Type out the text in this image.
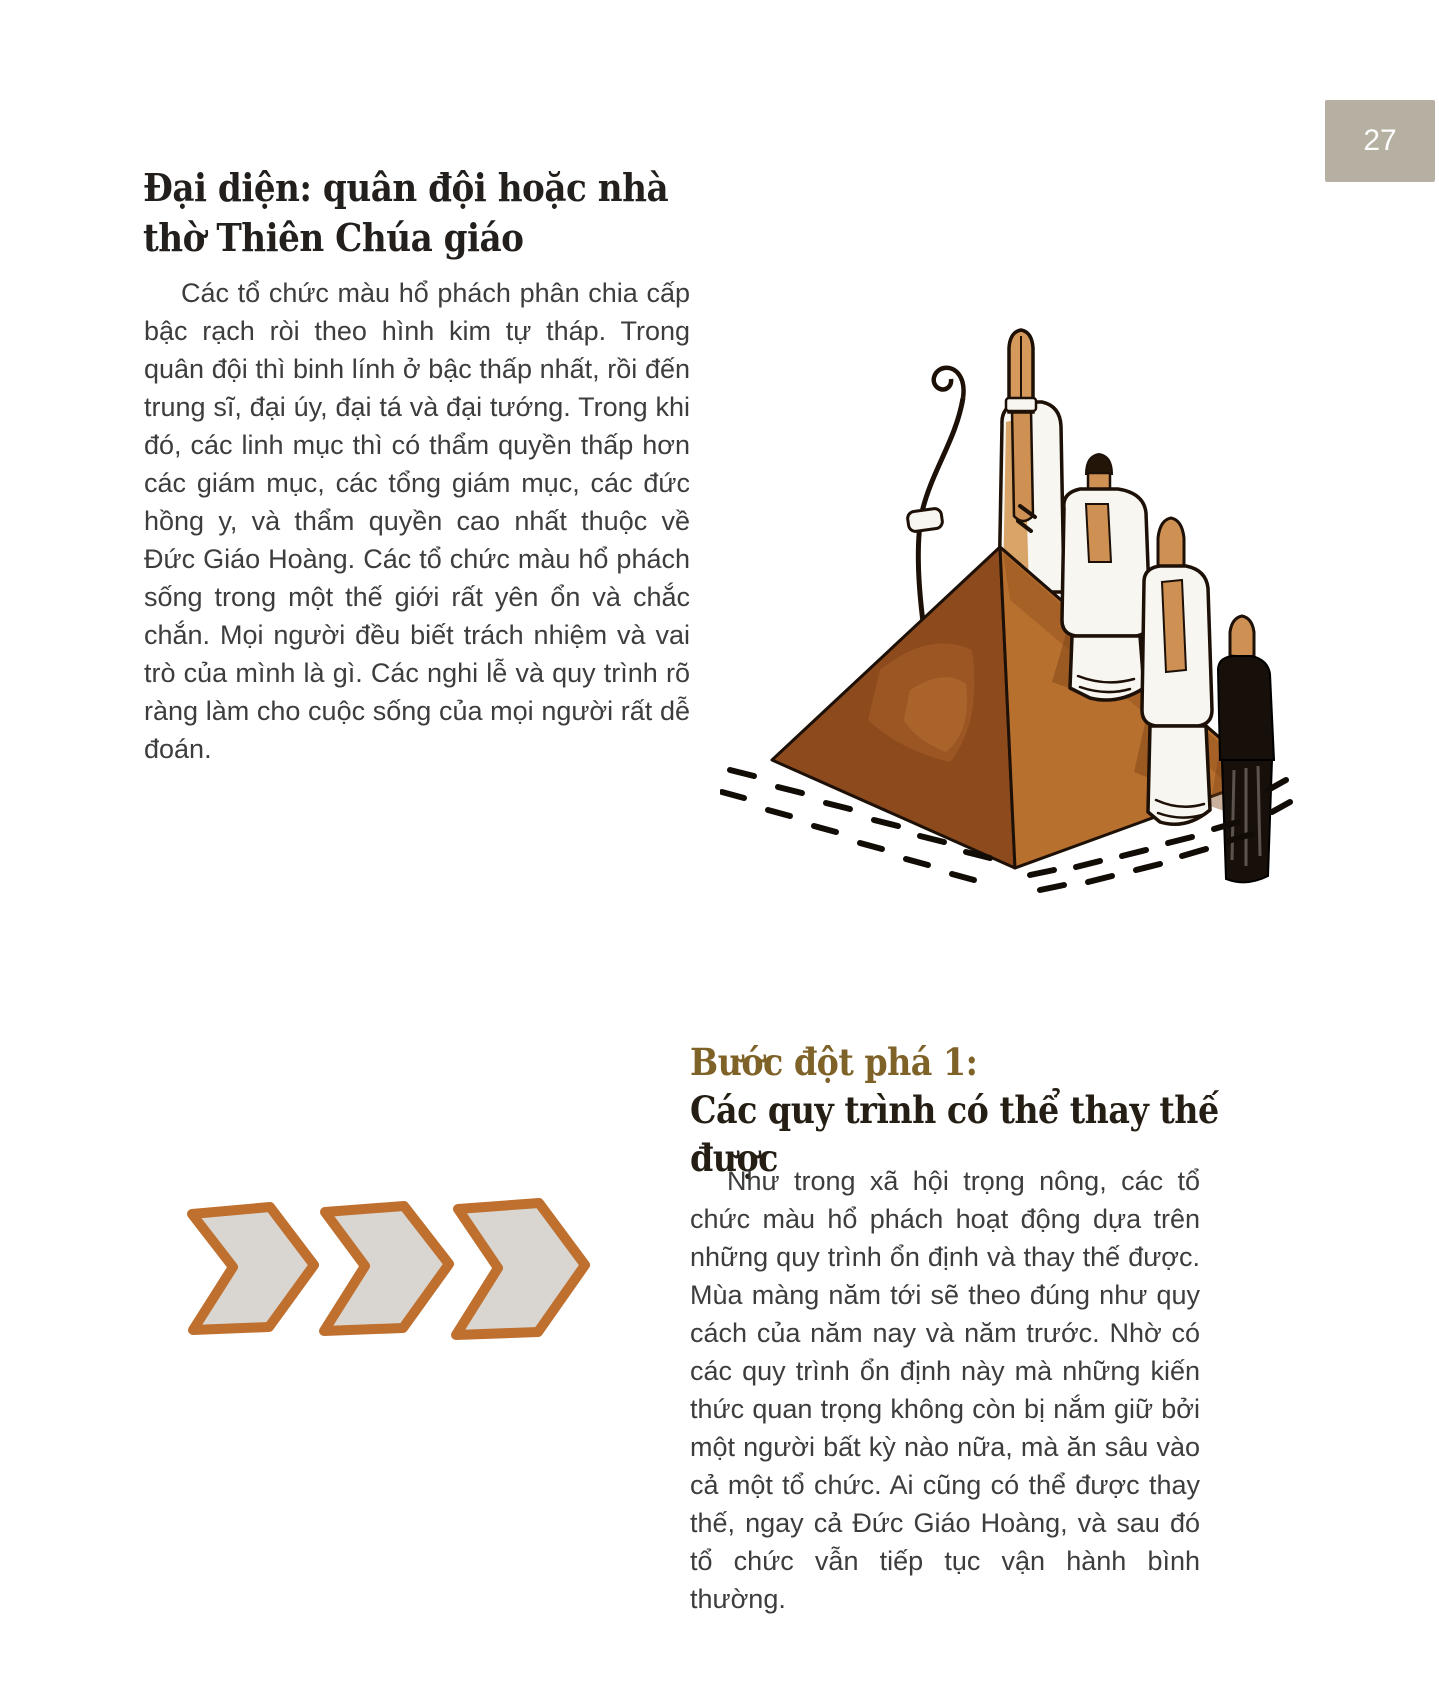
27
Đại diện: quân đội hoặc nhà thờ Thiên Chúa giáo

Các tổ chức màu hổ phách phân chia cấp bậc rạch ròi theo hình kim tự tháp. Trong quân đội thì binh lính ở bậc thấp nhất, rồi đến trung sĩ, đại úy, đại tá và đại tướng. Trong khi đó, các linh mục thì có thẩm quyền thấp hơn các giám mục, các tổng giám mục, các đức hồng y, và thẩm quyền cao nhất thuộc về Đức Giáo Hoàng. Các tổ chức màu hổ phách sống trong một thế giới rất yên ổn và chắc chắn. Mọi người đều biết trách nhiệm và vai trò của mình là gì. Các nghi lễ và quy trình rõ ràng làm cho cuộc sống của mọi người rất dễ đoán.

Bước đột phá 1:
Các quy trình có thể thay thế được

Như trong xã hội trọng nông, các tổ chức màu hổ phách hoạt động dựa trên những quy trình ổn định và thay thế được. Mùa màng năm tới sẽ theo đúng như quy cách của năm nay và năm trước. Nhờ có các quy trình ổn định này mà những kiến thức quan trọng không còn bị nắm giữ bởi một người bất kỳ nào nữa, mà ăn sâu vào cả một tổ chức. Ai cũng có thể được thay thế, ngay cả Đức Giáo Hoàng, và sau đó tổ chức vẫn tiếp tục vận hành bình thường.
